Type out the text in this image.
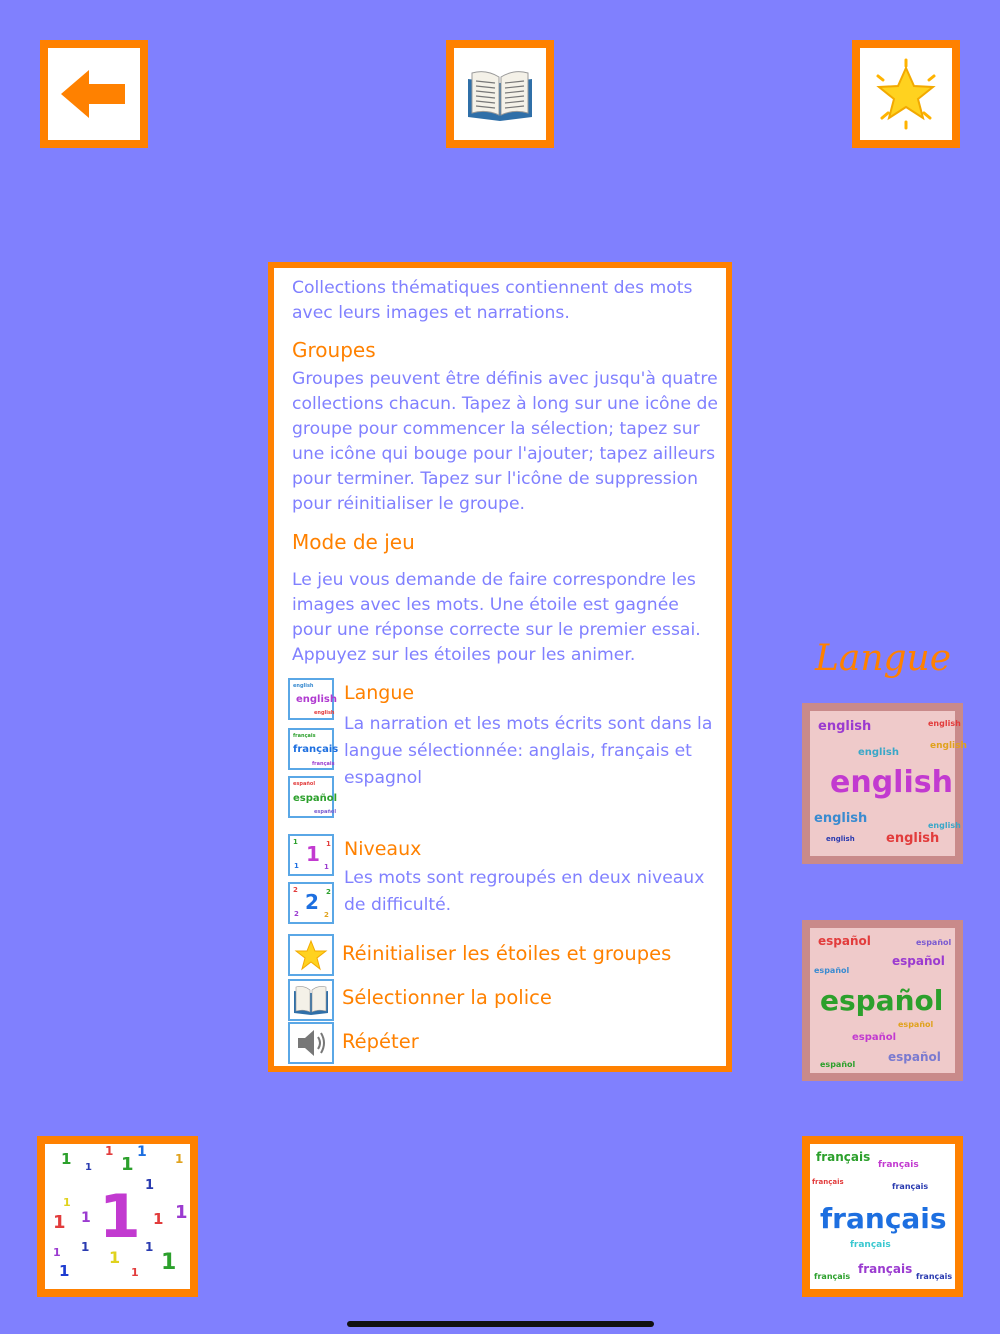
Collections thématiques contiennent des mots avec leurs images et narrations.
Groupes
Groupes peuvent être définis avec jusqu'à quatre collections chacun. Tapez à long sur une icône de groupe pour commencer la sélection; tapez sur une icône qui bouge pour l'ajouter; tapez ailleurs pour terminer. Tapez sur l'icône de suppression pour réinitialiser le groupe.
Mode de jeu
Le jeu vous demande de faire correspondre les images avec les mots. Une étoile est gagnée pour une réponse correcte sur le premier essai. Appuyez sur les étoiles pour les animer.
english
english
english
français
français
français
español
español
español
Langue
La narration et les mots écrits sont dans la langue sélectionnée: anglais, français et espagnol
1
1	1
1	1
2
2	2
2	2
Niveaux
Les mots sont regroupés en deux niveaux de difficulté.
Réinitialiser les étoiles et groupes
Sélectionner la police
Répéter
Langue
english	english
english
english
english
english	english
english english
español	español
español
español
español
español
español
español
español
français
français
français
français
français
français
français
français
français
1
1	1
1
1 1
1
1
1
1 1	1 1
1 1
1
1
1	1 1
